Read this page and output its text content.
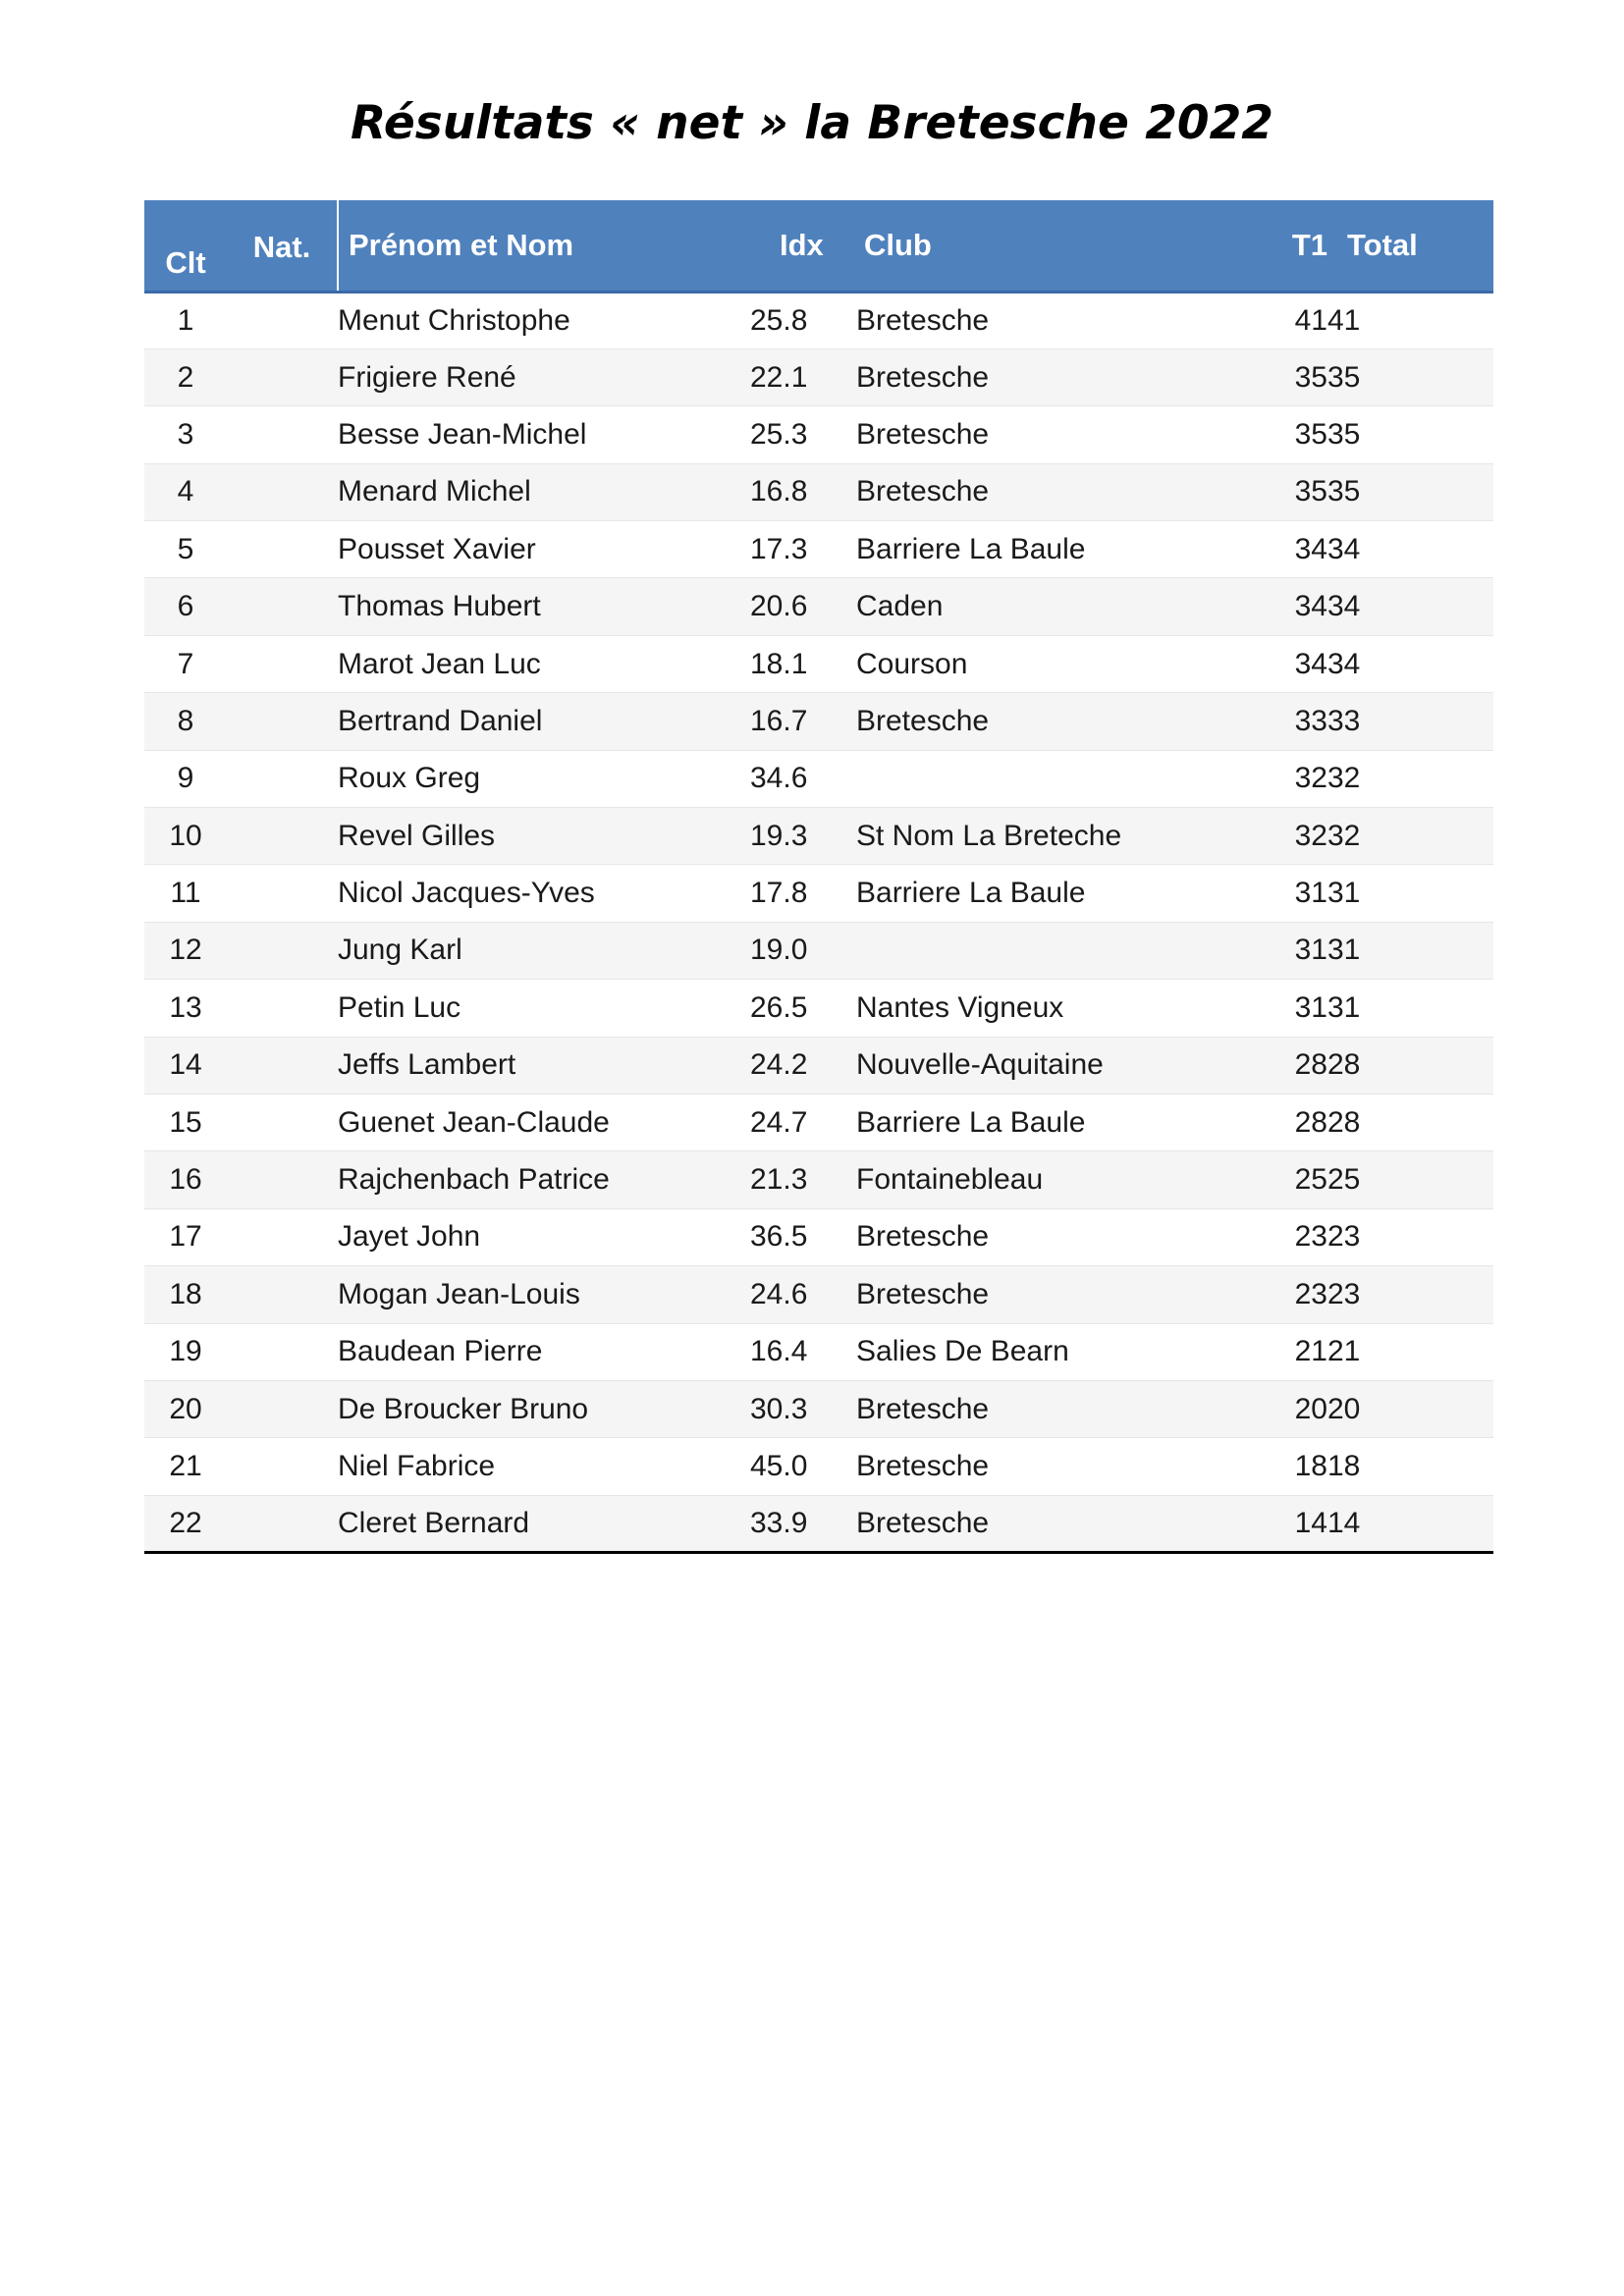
Résultats « net » la Bretesche 2022
Clt	Nat.	Prénom et Nom	Idx	Club	T1	Total
1		Menut Christophe	25.8	Bretesche	41	41
2		Frigiere René	22.1	Bretesche	35	35
3		Besse Jean-Michel	25.3	Bretesche	35	35
4		Menard Michel	16.8	Bretesche	35	35
5		Pousset Xavier	17.3	Barriere La Baule	34	34
6		Thomas Hubert	20.6	Caden	34	34
7		Marot Jean Luc	18.1	Courson	34	34
8		Bertrand Daniel	16.7	Bretesche	33	33
9		Roux Greg	34.6		32	32
10		Revel Gilles	19.3	St Nom La Breteche	32	32
11		Nicol Jacques-Yves	17.8	Barriere La Baule	31	31
12		Jung Karl	19.0		31	31
13		Petin Luc	26.5	Nantes Vigneux	31	31
14		Jeffs Lambert	24.2	Nouvelle-Aquitaine	28	28
15		Guenet Jean-Claude	24.7	Barriere La Baule	28	28
16		Rajchenbach Patrice	21.3	Fontainebleau	25	25
17		Jayet John	36.5	Bretesche	23	23
18		Mogan Jean-Louis	24.6	Bretesche	23	23
19		Baudean Pierre	16.4	Salies De Bearn	21	21
20		De Broucker Bruno	30.3	Bretesche	20	20
21		Niel Fabrice	45.0	Bretesche	18	18
22		Cleret Bernard	33.9	Bretesche	14	14
